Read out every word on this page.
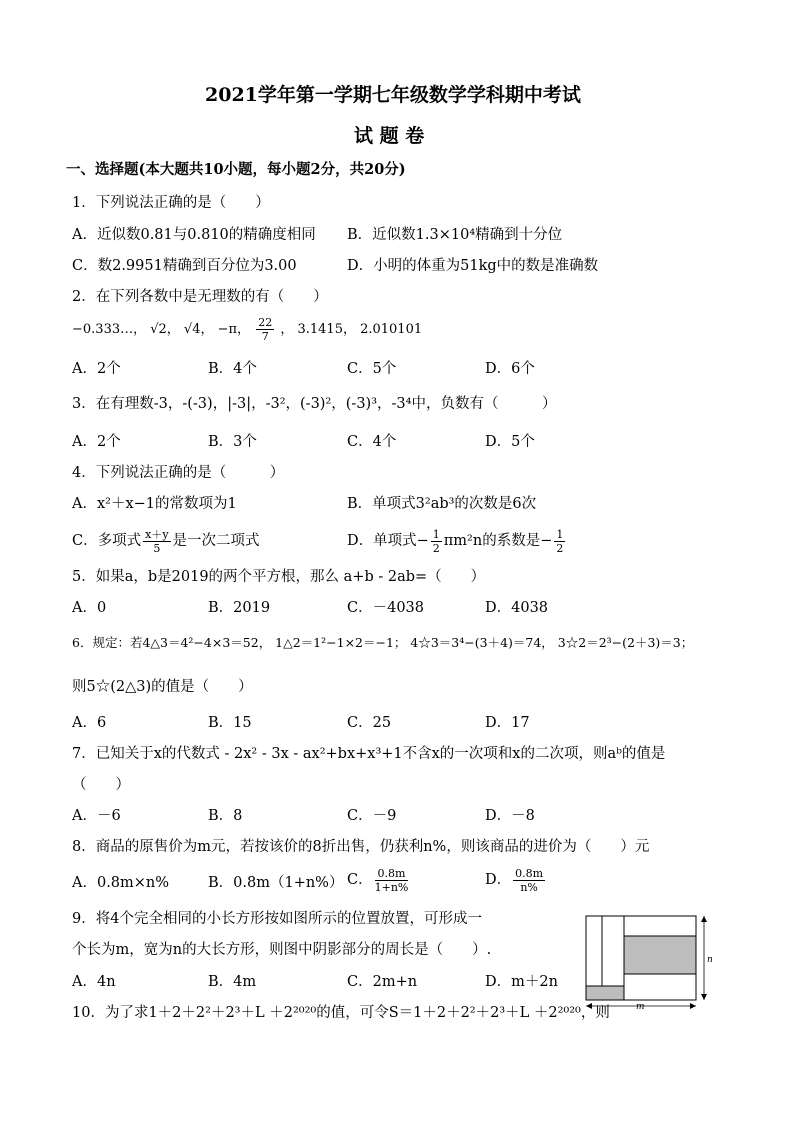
2021学年第一学期七年级数学学科期中考试
试 题 卷
一、选择题(本大题共10小题，每小题2分，共20分)
1．下列说法正确的是（　　）
A．近似数0.81与0.810的精确度相同 B．近似数1.3×10⁴精确到十分位
C．数2.9951精确到百分位为3.00	D．小明的体重为51kg中的数是准确数
2．在下列各数中是无理数的有（　　）
−0.333…， √2， √4， −π， $\frac{22}{7}$ ， 3.1415， 2.010101
A．2个	B．4个	C．5个	D．6个
3．在有理数-3，-(-3)，|-3|，-3²，(-3)²，(-3)³，-3⁴中，负数有（　　　）
A．2个	B．3个	C．4个	D．5个
4．下列说法正确的是（　　　）
A．x²＋x−1的常数项为1	B．单项式3²ab³的次数是6次
C．多项式 $\frac{x+y}{5}$ 是一次二项式	D．单项式− $\frac{1}{2} \pi m^2n$的系数是− $\frac{1}{2}$
5．如果a，b是2019的两个平方根，那么 a+b - 2ab=（　　）
A．0	B．2019	C．－4038	D．4038
6．规定：若4△3＝4²−4×3＝52， 1△2＝1²−1×2＝−1； 4☆3＝3⁴−(3＋4)＝74， 3☆2＝2³−(2＋3)＝3；
则5☆(2△3)的值是（　　）
A．6	B．15	C．25	D．17
7．已知关于x的代数式 - 2x² - 3x - ax²+bx+x³+1不含x的一次项和x的二次项，则aᵇ的值是
（　　）
A．－6	B．8	C．－9	D．－8
8．商品的原售价为m元，若按该价的8折出售，仍获利n%，则该商品的进价为（　　）元
A．0.8m×n%	B．0.8m（1+n%） C． $\frac{0.8m}{1+n\%}$	D． $\frac{0.8m}{n\%}$
9．将4个完全相同的小长方形按如图所示的位置放置，可形成一
个长为m，宽为n的大长方形，则图中阴影部分的周长是（　　）.
A．4n	B．4m	C．2m+n	D．m＋2n
n
m
10．为了求1＋2＋2²＋2³＋L ＋2²⁰²⁰的值，可令S＝1＋2＋2²＋2³＋L ＋2²⁰²⁰，则
